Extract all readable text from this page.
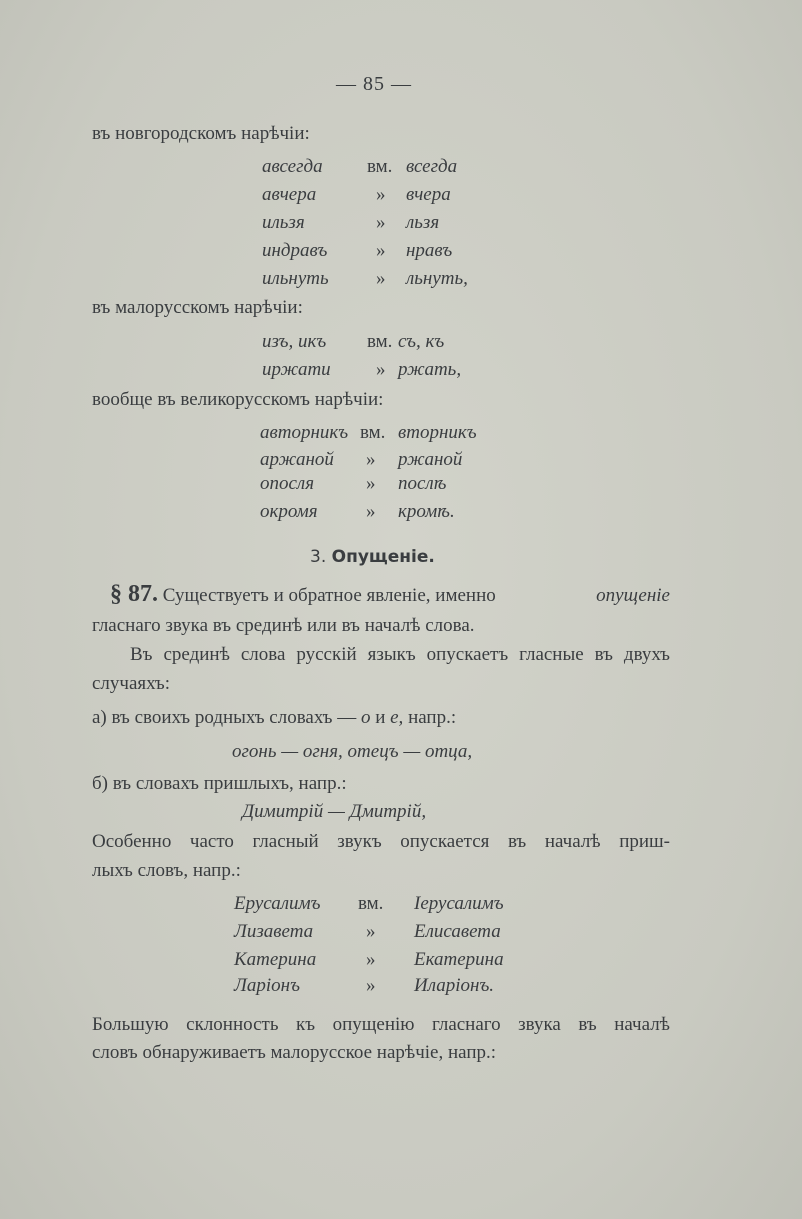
— 85 —
въ новгородскомъ нарѣчіи:
авсегда вм. всегда
авчера	» вчера
ильзя	» льзя
индравъ	» нравъ
ильнуть » льнуть,
въ малорусскомъ нарѣчіи:
изъ, икъ вм. съ, къ
иржати » ржать,
вообще въ великорусскомъ нарѣчіи:
авторникъ вм. вторникъ
аржаной » ржаной
опосля	» послѣ
окромя	» кромѣ.
3. Опущеніе.
§ 87. Существуетъ и обратное явленіе, именно	опущеніе
гласнаго звука въ срединѣ или въ началѣ слова.
Въ срединѣ слова русскій языкъ опускаетъ гласные въ двухъ
случаяхъ:
а) въ своихъ родныхъ словахъ — о и е, напр.:
огонь — огня, отецъ — отца,
б) въ словахъ пришлыхъ, напр.:
Димитрій — Дмитрій,
Особенно часто гласный звукъ опускается въ началѣ приш-
лыхъ словъ, напр.:
Ерусалимъ вм. Іерусалимъ
Лизавета	» Елисавета
Катерина	» Екатерина
Ларіонъ	» Иларіонъ.
Большую склонность къ опущенію гласнаго звука въ началѣ
словъ обнаруживаетъ малорусское нарѣчіе, напр.:
